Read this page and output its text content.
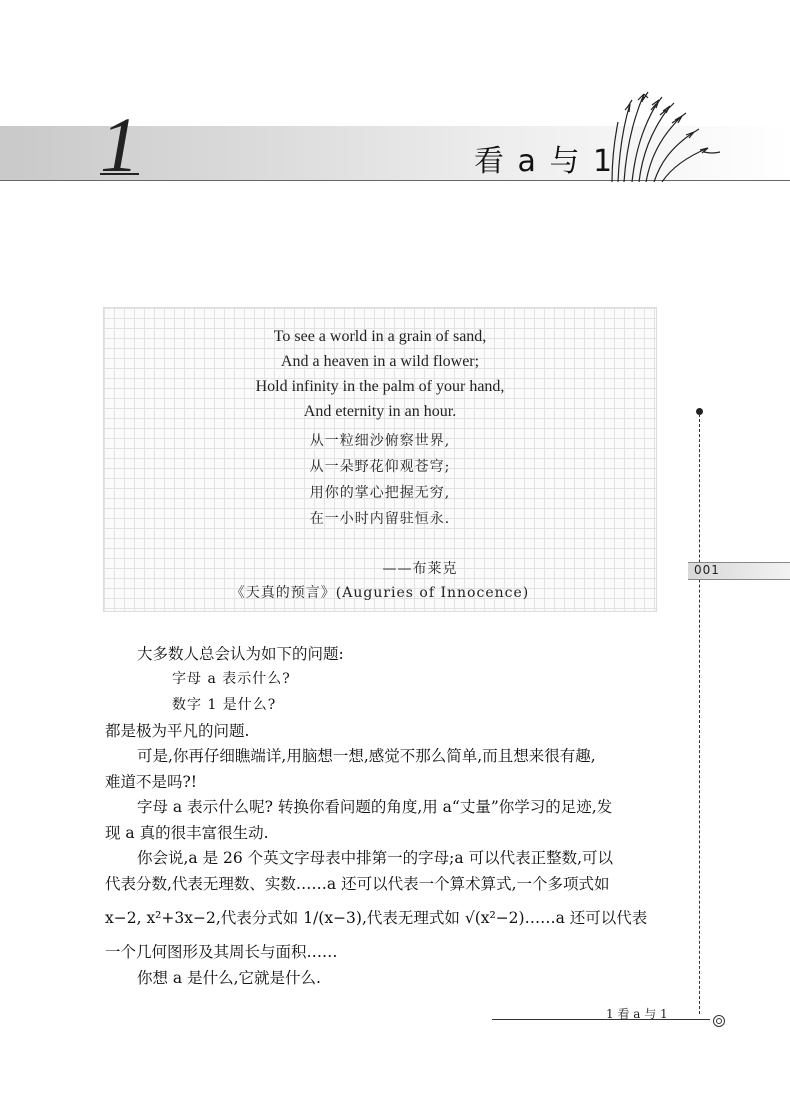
1	看 a 与 1
To see a world in a grain of sand,
And a heaven in a wild flower;
Hold infinity in the palm of your hand,
And eternity in an hour.
从一粒细沙俯察世界,
从一朵野花仰观苍穹;
用你的掌心把握无穷,
在一小时内留驻恒永.
——布莱克
《天真的预言》(Auguries of Innocence)
001
大多数人总会认为如下的问题:
字母 a 表示什么?
数字 1 是什么?
都是极为平凡的问题.
可是,你再仔细瞧端详,用脑想一想,感觉不那么简单,而且想来很有趣,
难道不是吗?!
字母 a 表示什么呢? 转换你看问题的角度,用 a“丈量”你学习的足迹,发
现 a 真的很丰富很生动.
你会说,a 是 26 个英文字母表中排第一的字母;a 可以代表正整数,可以
代表分数,代表无理数、实数……a 还可以代表一个算术算式,一个多项式如
x−2, x²+3x−2,代表分式如 1/(x−3),代表无理式如 √(x²−2)……a 还可以代表
一个几何图形及其周长与面积……
你想 a 是什么,它就是什么.
1 看 a 与 1
